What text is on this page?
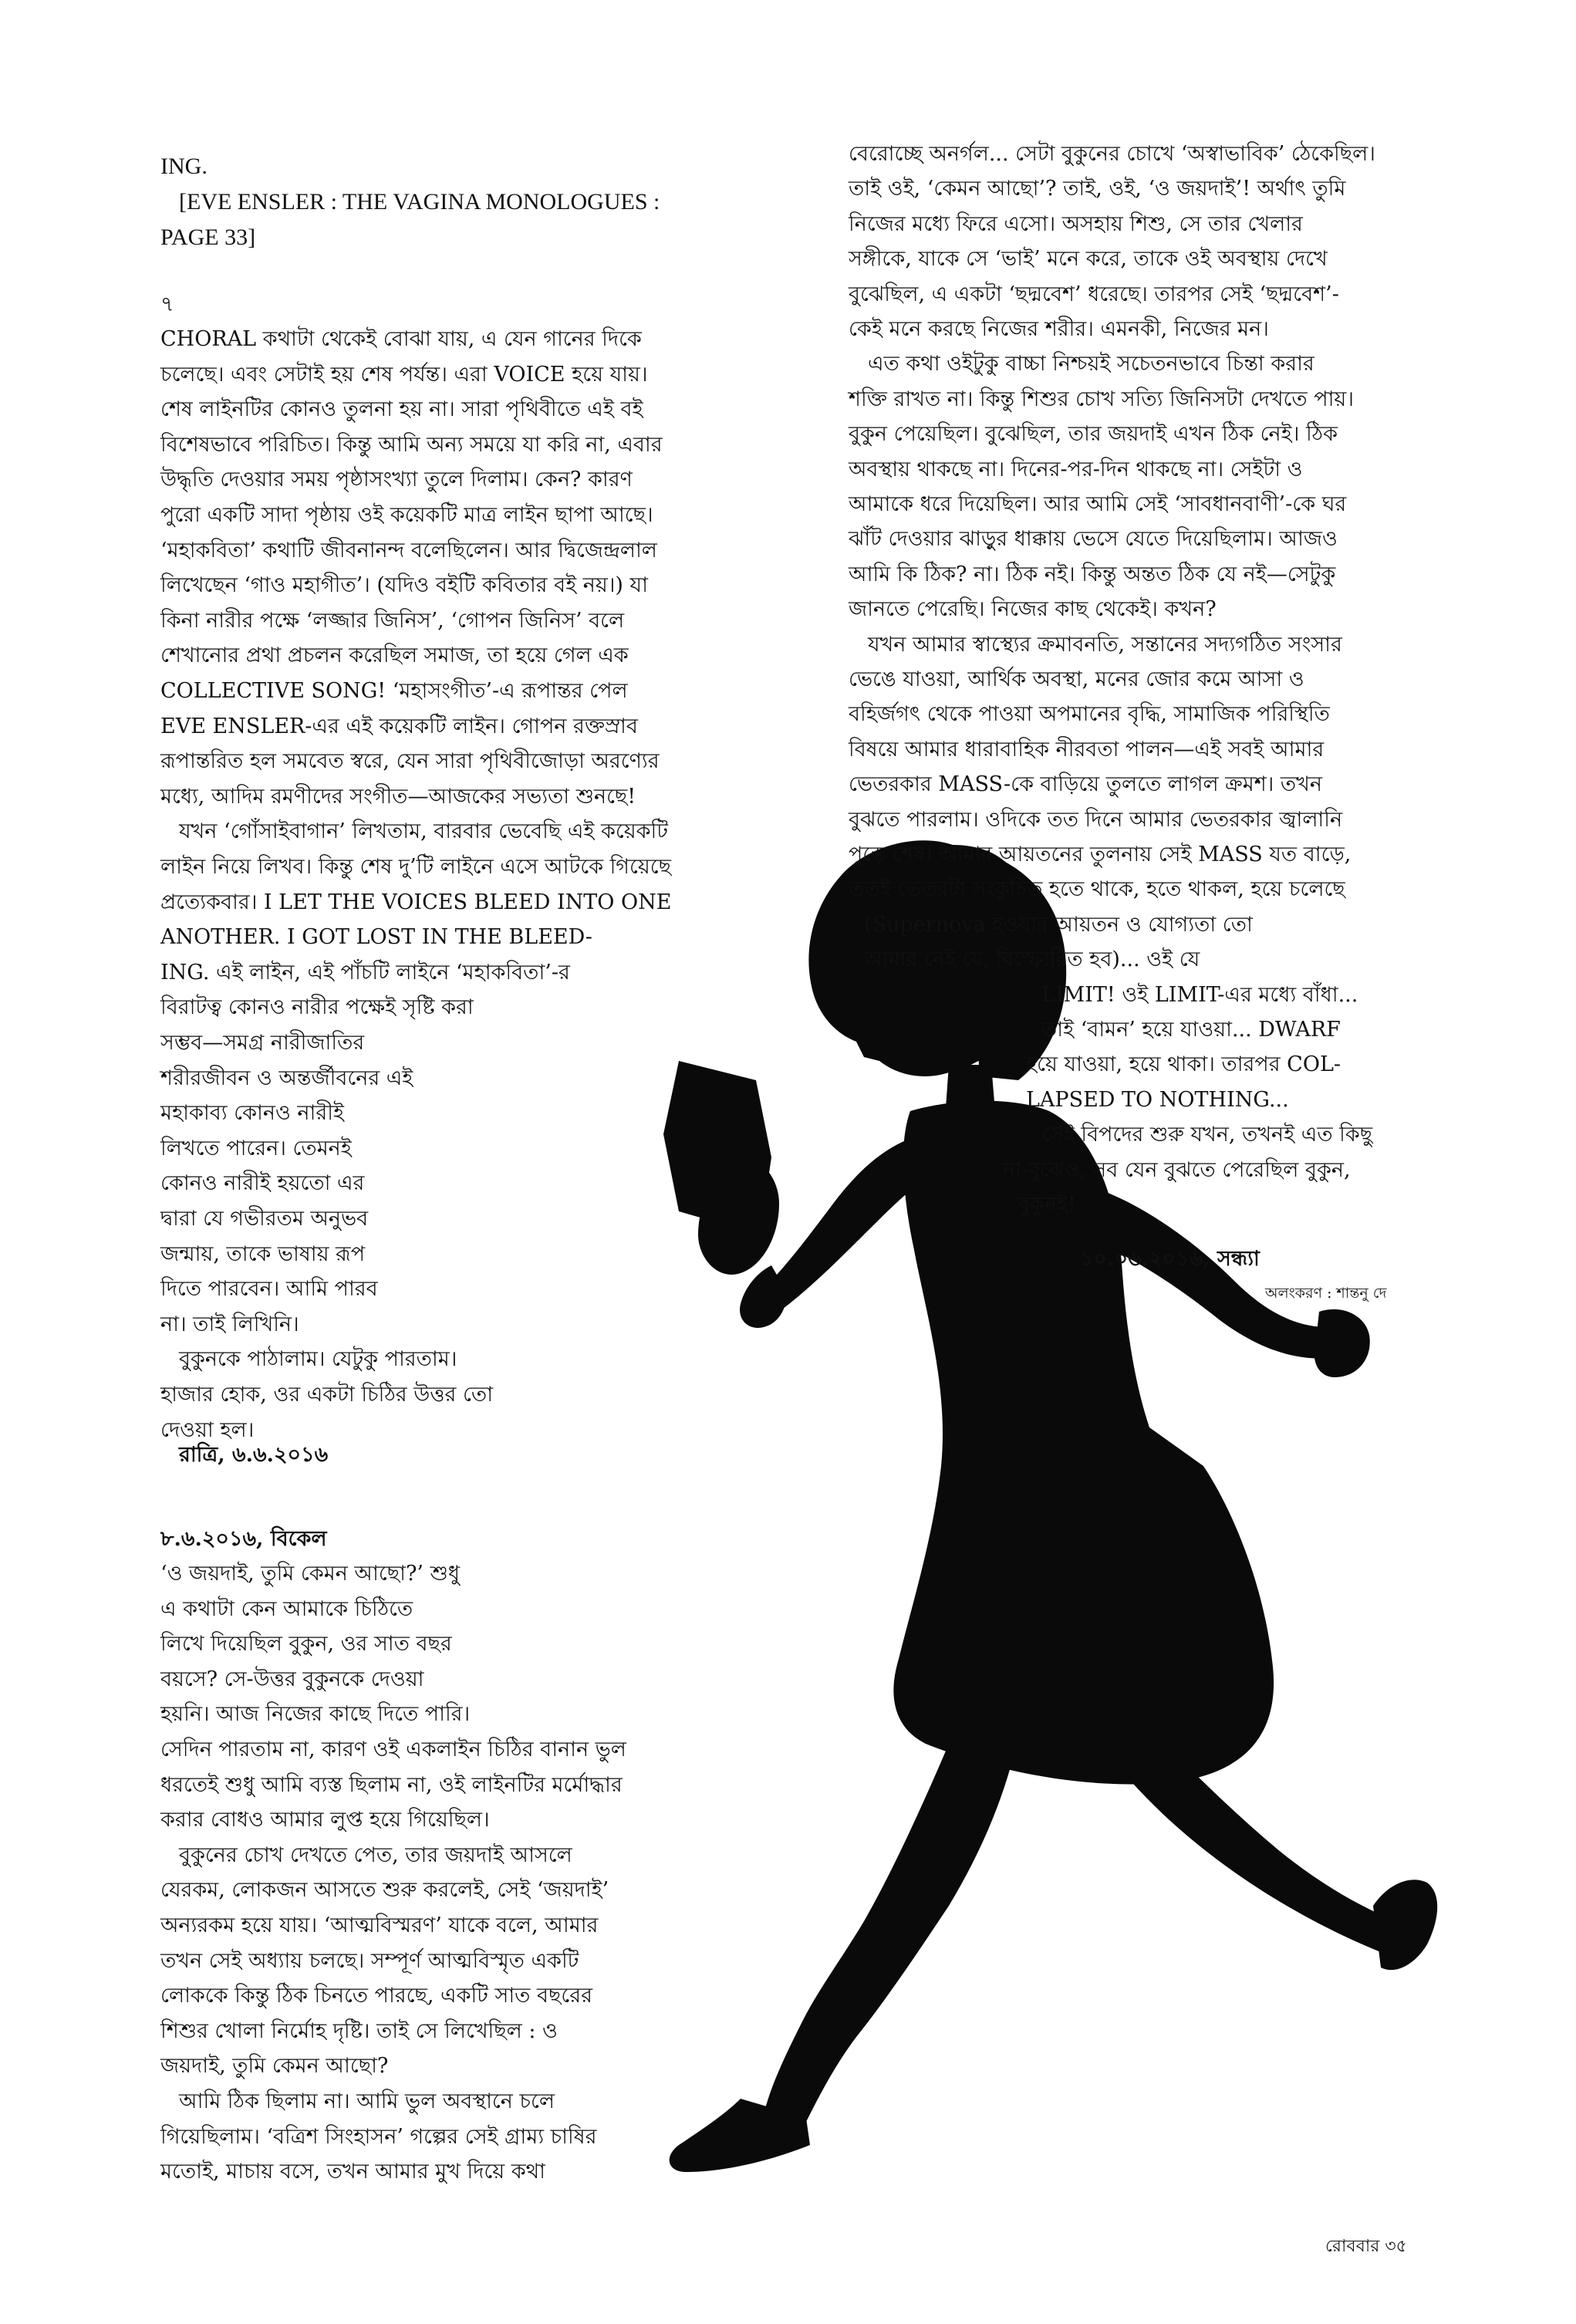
ING.
[EVE ENSLER : THE VAGINA MONOLOGUES :
PAGE 33]
৭
CHORAL কথাটা থেকেই বোঝা যায়, এ যেন গানের দিকে
চলেছে। এবং সেটাই হয় শেষ পর্যন্ত। এরা VOICE হয়ে যায়।
শেষ লাইনটির কোনও তুলনা হয় না। সারা পৃথিবীতে এই বই
বিশেষভাবে পরিচিত। কিন্তু আমি অন্য সময়ে যা করি না, এবার
উদ্ধৃতি দেওয়ার সময় পৃষ্ঠাসংখ্যা তুলে দিলাম। কেন? কারণ
পুরো একটি সাদা পৃষ্ঠায় ওই কয়েকটি মাত্র লাইন ছাপা আছে।
‘মহাকবিতা’ কথাটি জীবনানন্দ বলেছিলেন। আর দ্বিজেন্দ্রলাল
লিখেছেন ‘গাও মহাগীত’। (যদিও বইটি কবিতার বই নয়।) যা
কিনা নারীর পক্ষে ‘লজ্জার জিনিস’, ‘গোপন জিনিস’ বলে
শেখানোর প্রথা প্রচলন করেছিল সমাজ, তা হয়ে গেল এক
COLLECTIVE SONG! ‘মহাসংগীত’-এ রূপান্তর পেল
EVE ENSLER-এর এই কয়েকটি লাইন। গোপন রক্তস্রাব
রূপান্তরিত হল সমবেত স্বরে, যেন সারা পৃথিবীজোড়া অরণ্যের
মধ্যে, আদিম রমণীদের সংগীত—আজকের সভ্যতা শুনছে!
যখন ‘গোঁসাইবাগান’ লিখতাম, বারবার ভেবেছি এই কয়েকটি
লাইন নিয়ে লিখব। কিন্তু শেষ দু’টি লাইনে এসে আটকে গিয়েছে
প্রত্যেকবার। I LET THE VOICES BLEED INTO ONE
ANOTHER. I GOT LOST IN THE BLEED-
ING. এই লাইন, এই পাঁচটি লাইনে ‘মহাকবিতা’-র
বিরাটত্ব কোনও নারীর পক্ষেই সৃষ্টি করা
সম্ভব—সমগ্র নারীজাতির
শরীরজীবন ও অন্তর্জীবনের এই
মহাকাব্য কোনও নারীই
লিখতে পারেন। তেমনই
কোনও নারীই হয়তো এর
দ্বারা যে গভীরতম অনুভব
জন্মায়, তাকে ভাষায় রূপ
দিতে পারবেন। আমি পারব
না। তাই লিখিনি।
বুকুনকে পাঠালাম। যেটুকু পারতাম।
হাজার হোক, ওর একটা চিঠির উত্তর তো
দেওয়া হল।
রাত্রি, ৬.৬.২০১৬
৮.৬.২০১৬, বিকেল
‘ও জয়দাই, তুমি কেমন আছো?’ শুধু
এ কথাটা কেন আমাকে চিঠিতে
লিখে দিয়েছিল বুকুন, ওর সাত বছর
বয়সে? সে-উত্তর বুকুনকে দেওয়া
হয়নি। আজ নিজের কাছে দিতে পারি।
সেদিন পারতাম না, কারণ ওই একলাইন চিঠির বানান ভুল
ধরতেই শুধু আমি ব্যস্ত ছিলাম না, ওই লাইনটির মর্মোদ্ধার
করার বোধও আমার লুপ্ত হয়ে গিয়েছিল।
বুকুনের চোখ দেখতে পেত, তার জয়দাই আসলে
যেরকম, লোকজন আসতে শুরু করলেই, সেই ‘জয়দাই’
অন্যরকম হয়ে যায়। ‘আত্মবিস্মরণ’ যাকে বলে, আমার
তখন সেই অধ্যায় চলছে। সম্পূর্ণ আত্মবিস্মৃত একটি
লোককে কিন্তু ঠিক চিনতে পারছে, একটি সাত বছরের
শিশুর খোলা নির্মোহ দৃষ্টি। তাই সে লিখেছিল : ও
জয়দাই, তুমি কেমন আছো?
আমি ঠিক ছিলাম না। আমি ভুল অবস্থানে চলে
গিয়েছিলাম। ‘বত্রিশ সিংহাসন’ গল্পের সেই গ্রাম্য চাষির
মতোই, মাচায় বসে, তখন আমার মুখ দিয়ে কথা
বেরোচ্ছে অনর্গল... সেটা বুকুনের চোখে ‘অস্বাভাবিক’ ঠেকেছিল।
তাই ওই, ‘কেমন আছো’? তাই, ওই, ‘ও জয়দাই’! অর্থাৎ তুমি
নিজের মধ্যে ফিরে এসো। অসহায় শিশু, সে তার খেলার
সঙ্গীকে, যাকে সে ‘ভাই’ মনে করে, তাকে ওই অবস্থায় দেখে
বুঝেছিল, এ একটা ‘ছদ্মবেশ’ ধরেছে। তারপর সেই ‘ছদ্মবেশ’-
কেই মনে করছে নিজের শরীর। এমনকী, নিজের মন।
এত কথা ওইটুকু বাচ্চা নিশ্চয়ই সচেতনভাবে চিন্তা করার
শক্তি রাখত না। কিন্তু শিশুর চোখ সত্যি জিনিসটা দেখতে পায়।
বুকুন পেয়েছিল। বুঝেছিল, তার জয়দাই এখন ঠিক নেই। ঠিক
অবস্থায় থাকছে না। দিনের-পর-দিন থাকছে না। সেইটা ও
আমাকে ধরে দিয়েছিল। আর আমি সেই ‘সাবধানবাণী’-কে ঘর
ঝাঁট দেওয়ার ঝাড়ুর ধাক্কায় ভেসে যেতে দিয়েছিলাম। আজও
আমি কি ঠিক? না। ঠিক নই। কিন্তু অন্তত ঠিক যে নই—সেটুকু
জানতে পেরেছি। নিজের কাছ থেকেই। কখন?
যখন আমার স্বাস্থ্যের ক্রমাবনতি, সন্তানের সদ্যগঠিত সংসার
ভেঙে যাওয়া, আর্থিক অবস্থা, মনের জোর কমে আসা ও
বহির্জগৎ থেকে পাওয়া অপমানের বৃদ্ধি, সামাজিক পরিস্থিতি
বিষয়ে আমার ধারাবাহিক নীরবতা পালন—এই সবই আমার
ভেতরকার MASS-কে বাড়িয়ে তুলতে লাগল ক্রমশ। তখন
বুঝতে পারলাম। ওদিকে তত দিনে আমার ভেতরকার জ্বালানি
পুড়ে শেষ। আমার আয়তনের তুলনায় সেই MASS যত বাড়ে,
ততই ভেতরটা সংকুচিত হতে থাকে, হতে থাকল, হয়ে চলেছে
(Supernova হওয়ার আয়তন ও যোগ্যতা তো
আমার নেই যে, বিস্ফোরিত হব)... ওই যে
LIMIT! ওই LIMIT-এর মধ্যে বাঁধা...
তাই ‘বামন’ হয়ে যাওয়া... DWARF
হয়ে যাওয়া, হয়ে থাকা। তারপর COL-
LAPSED TO NOTHING...
সেই বিপদের শুরু যখন, তখনই এত কিছু
না-বুঝেও, সব যেন বুঝতে পেরেছিল বুকুন,
বুকুনই!
১০.০৬.২০১৬, সন্ধ্যা
অলংকরণ : শান্তনু দে
রোববার ৩৫
